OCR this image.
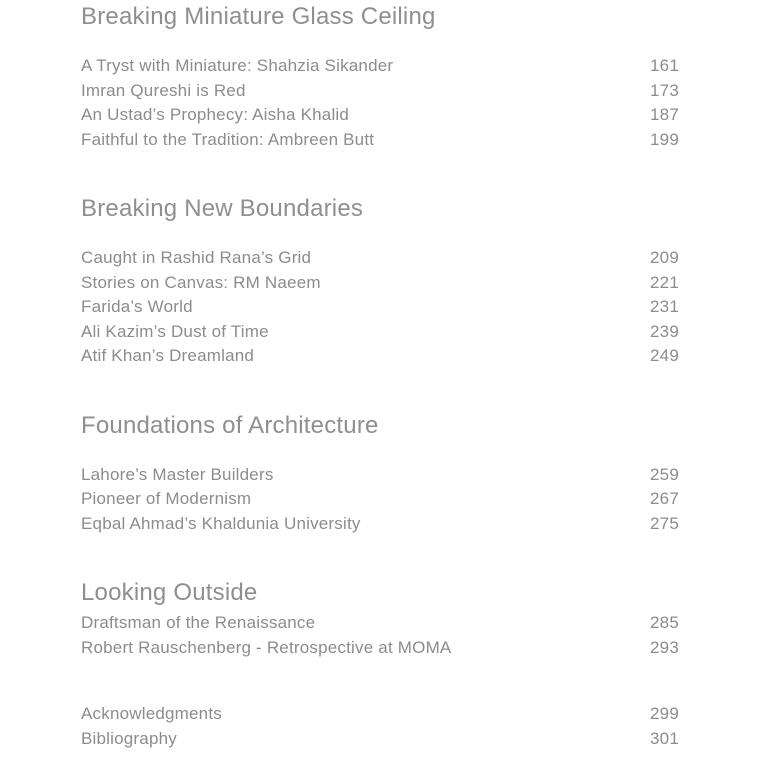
Breaking Miniature Glass Ceiling
A Tryst with Miniature: Shahzia Sikander	161
Imran Qureshi is Red	173
An Ustad’s Prophecy: Aisha Khalid	187
Faithful to the Tradition: Ambreen Butt	199
Breaking New Boundaries
Caught in Rashid Rana’s Grid	209
Stories on Canvas: RM Naeem	221
Farida’s World	231
Ali Kazim’s Dust of Time	239
Atif Khan’s Dreamland	249
Foundations of Architecture
Lahore’s Master Builders	259
Pioneer of Modernism	267
Eqbal Ahmad’s Khaldunia University	275
Looking Outside
Draftsman of the Renaissance	285
Robert Rauschenberg - Retrospective at MOMA	293
Acknowledgments	299
Bibliography	301
